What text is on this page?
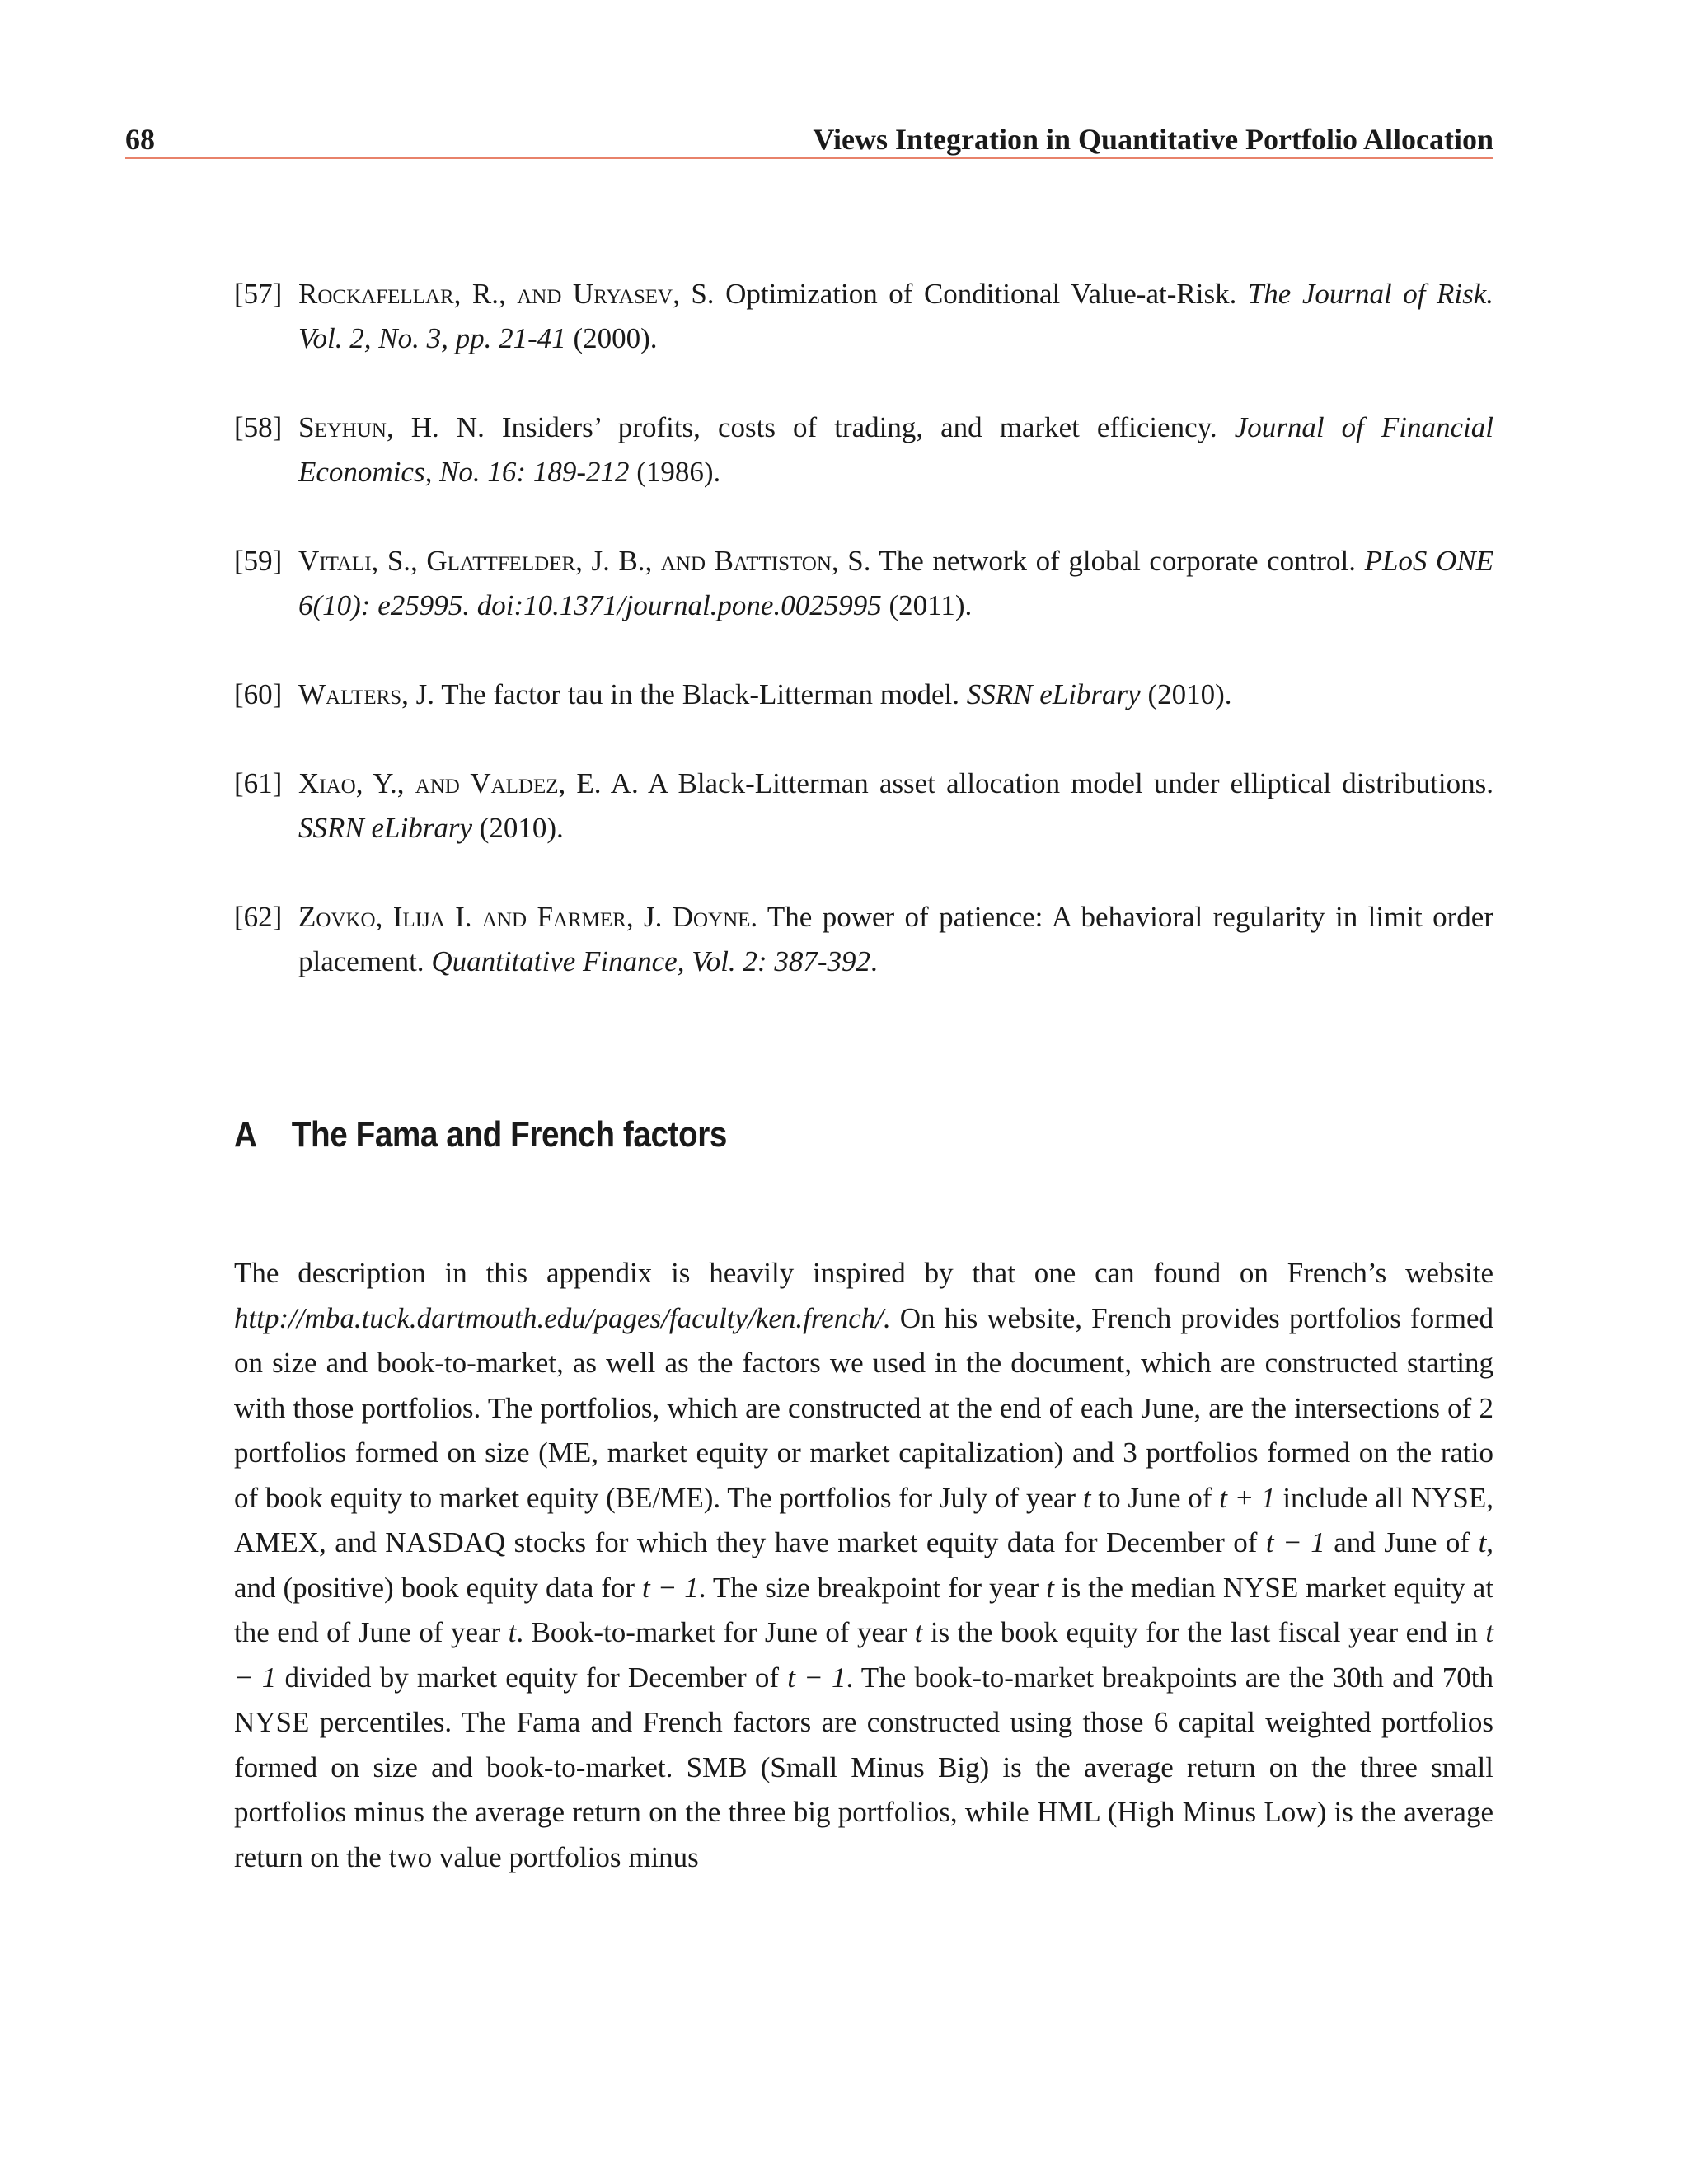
68	Views Integration in Quantitative Portfolio Allocation
[57] Rockafellar, R., and Uryasev, S. Optimization of Conditional Value-at-Risk. The Journal of Risk. Vol. 2, No. 3, pp. 21-41 (2000).
[58] Seyhun, H. N. Insiders’ profits, costs of trading, and market efficiency. Journal of Financial Economics, No. 16: 189-212 (1986).
[59] Vitali, S., Glattfelder, J. B., and Battiston, S. The network of global corporate control. PLoS ONE 6(10): e25995. doi:10.1371/journal.pone.0025995 (2011).
[60] Walters, J. The factor tau in the Black-Litterman model. SSRN eLibrary (2010).
[61] Xiao, Y., and Valdez, E. A. A Black-Litterman asset allocation model under elliptical distributions. SSRN eLibrary (2010).
[62] Zovko, Ilija I. and Farmer, J. Doyne. The power of patience: A behavioral regularity in limit order placement. Quantitative Finance, Vol. 2: 387-392.
A The Fama and French factors

The description in this appendix is heavily inspired by that one can found on French’s website http://mba.tuck.dartmouth.edu/pages/faculty/ken.french/. On his website, French provides portfolios formed on size and book-to-market, as well as the factors we used in the document, which are constructed starting with those portfolios. The portfolios, which are constructed at the end of each June, are the intersections of 2 portfolios formed on size (ME, market equity or market capitalization) and 3 portfolios formed on the ratio of book equity to market equity (BE/ME). The portfolios for July of year t to June of t + 1 include all NYSE, AMEX, and NASDAQ stocks for which they have market equity data for December of t − 1 and June of t, and (positive) book equity data for t − 1. The size breakpoint for year t is the median NYSE market equity at the end of June of year t. Book-to-market for June of year t is the book equity for the last fiscal year end in t − 1 divided by market equity for December of t − 1. The book-to-market breakpoints are the 30th and 70th NYSE percentiles. The Fama and French factors are constructed using those 6 capital weighted portfolios formed on size and book-to-market. SMB (Small Minus Big) is the average return on the three small portfolios minus the average return on the three big portfolios, while HML (High Minus Low) is the average return on the two value portfolios minus
